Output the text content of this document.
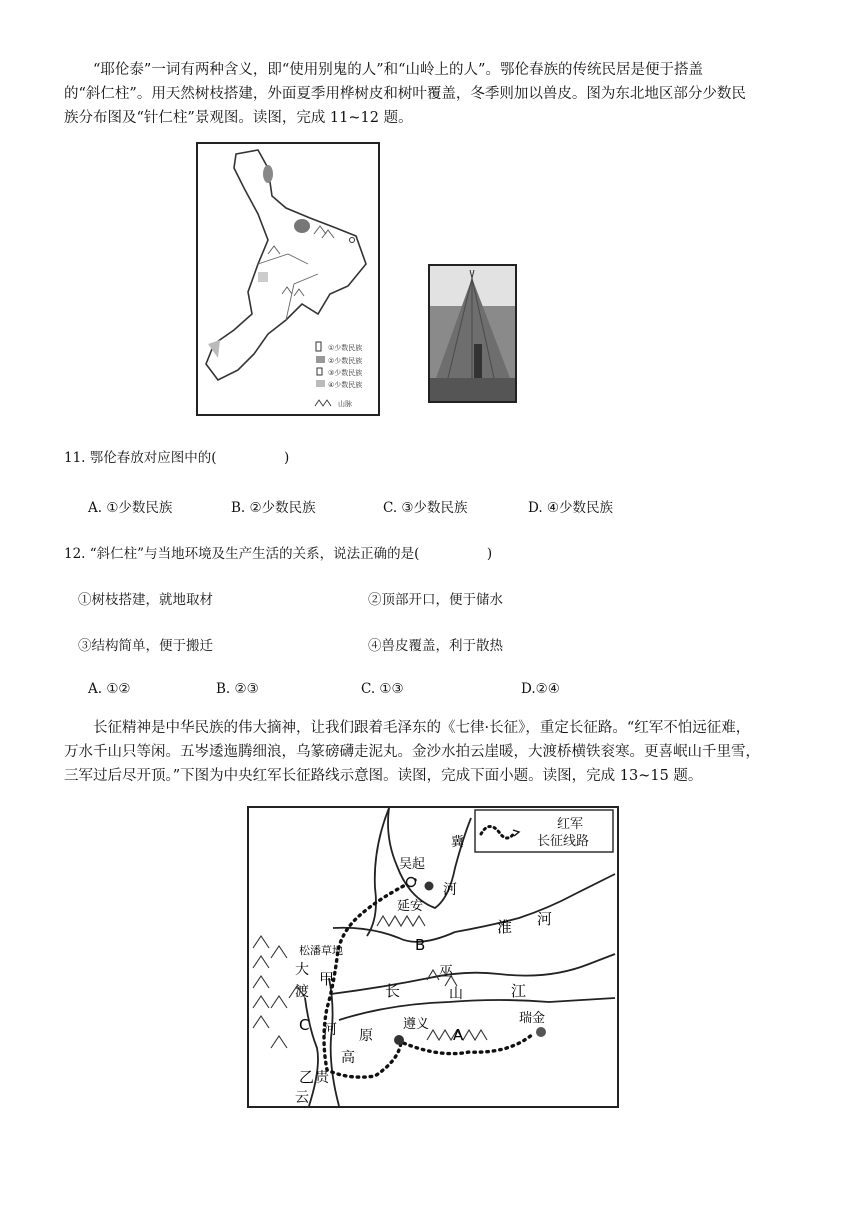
“耶伦泰”一词有两种含义，即“使用别鬼的人”和“山岭上的人”。鄂伦春族的传统民居是便于搭盖
的“斜仁柱”。用天然树枝搭建，外面夏季用桦树皮和树叶覆盖，冬季则加以兽皮。图为东北地区部分少数民
族分布图及“针仁柱”景观图。读图，完成 11~12 题。
①少数民族
②少数民族
③少数民族
④少数民族
山脉
11. 鄂伦春放对应图中的(　　　　　)
A. ①少数民族	B. ②少数民族	C. ③少数民族	D. ④少数民族
12. “斜仁柱”与当地环境及生产生活的关系，说法正确的是(　　　　　)
①树枝搭建，就地取材	②顶部开口，便于储水
③结构简单，便于搬迁	④兽皮覆盖，利于散热
A. ①②	B. ②③	C. ①③	D.②④
长征精神是中华民族的伟大摘神，让我们跟着毛泽东的《七律·长征》，重定长征路。“红军不怕远征难，
万水千山只等闲。五岑逶迤腾细浪，乌篆磅礴走泥丸。金沙水拍云崖暖，大渡桥横铁衮寒。更喜岷山千里雪，
三军过后尽开顶。”下图为中央红军长征路线示意图。读图，完成下面小题。读图，完成 13~15 题。
红军
长征线路
吴起
延安
河
冀
淮 河
B
甲
大
渡
C 河
松潘草地
长
巫
山	江
遵义	瑞金
A
高
原
乙 贵
云
